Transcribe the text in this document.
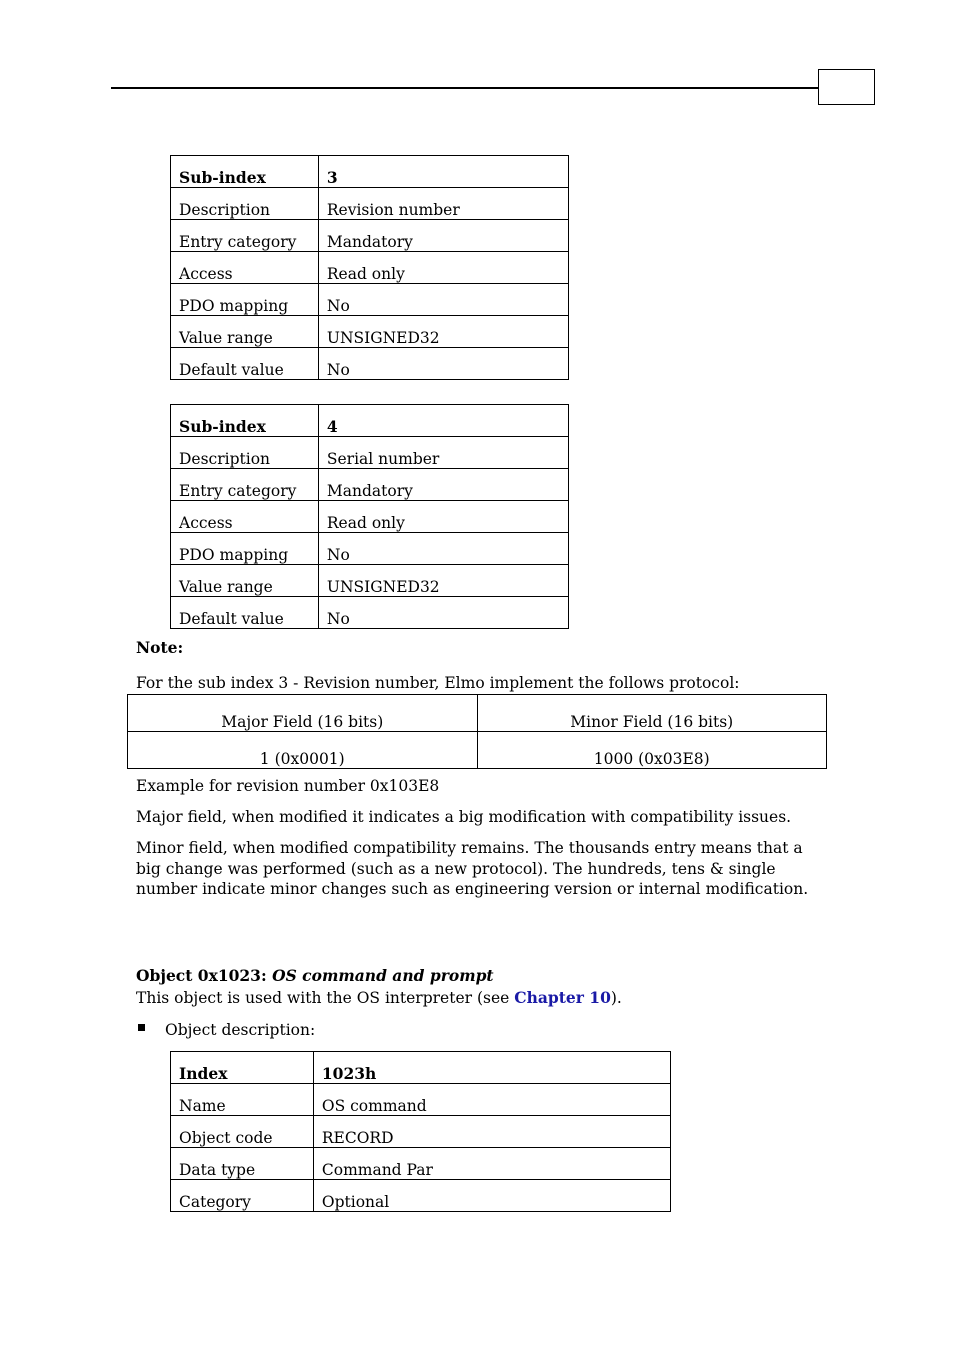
Sub-index	3
Description	Revision number
Entry category	Mandatory
Access	Read only
PDO mapping	No
Value range	UNSIGNED32
Default value	No
Sub-index	4
Description	Serial number
Entry category	Mandatory
Access	Read only
PDO mapping	No
Value range	UNSIGNED32
Default value	No
Note:
For the sub index 3 - Revision number, Elmo implement the follows protocol:
Major Field (16 bits)	Minor Field (16 bits)
1 (0x0001)	1000 (0x03E8)
Example for revision number 0x103E8
Major field, when modified it indicates a big modification with compatibility issues.
Minor field, when modified compatibility remains. The thousands entry means that a big change was performed (such as a new protocol). The hundreds, tens & single number indicate minor changes such as engineering version or internal modification.
Object 0x1023: OS command and prompt
This object is used with the OS interpreter (see Chapter 10).
Object description:
Index	1023h
Name	OS command
Object code	RECORD
Data type	Command Par
Category	Optional
